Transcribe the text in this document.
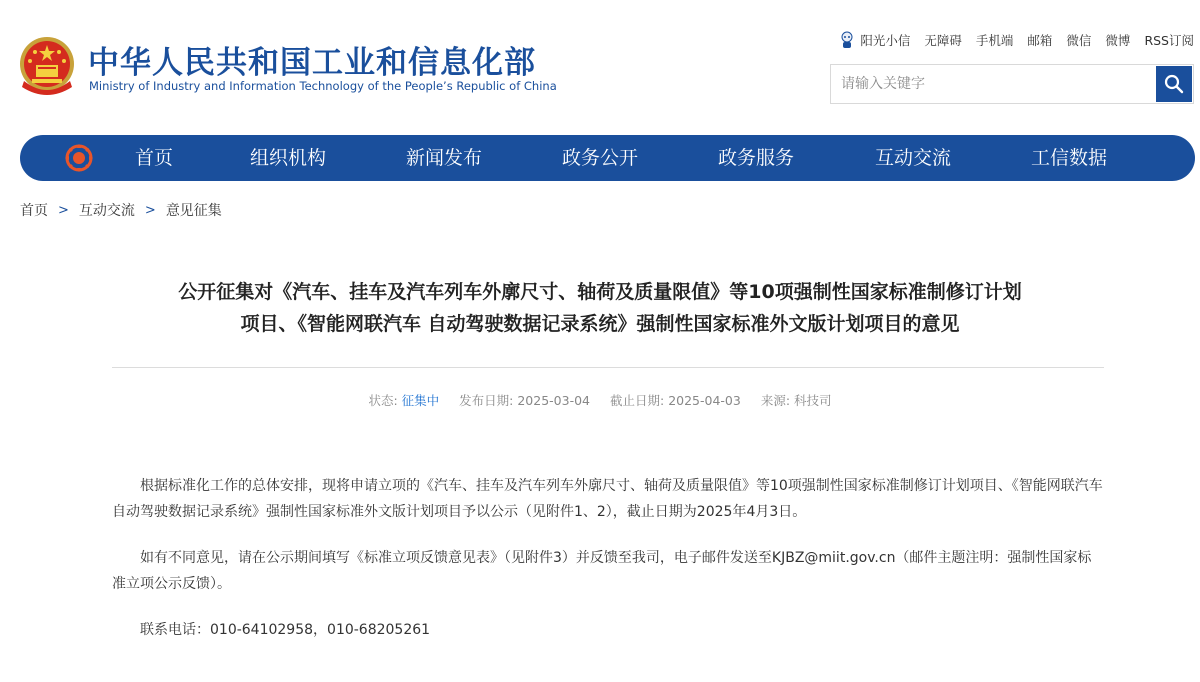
中华人民共和国工业和信息化部
Ministry of Industry and Information Technology of the People’s Republic of China
阳光小信 无障碍 手机端 邮箱 微信 微博 RSS订阅
请输入关键字
首页	组织机构	新闻发布	政务公开	政务服务	互动交流	工信数据
首页 > 互动交流 > 意见征集
公开征集对《汽车、挂车及汽车列车外廓尺寸、轴荷及质量限值》等10项强制性国家标准制修订计划
项目、《智能网联汽车 自动驾驶数据记录系统》强制性国家标准外文版计划项目的意见
状态: 征集中 发布日期: 2025-03-04 截止日期: 2025-04-03 来源: 科技司

根据标准化工作的总体安排，现将申请立项的《汽车、挂车及汽车列车外廓尺寸、轴荷及质量限值》等10项强制性国家标准制修订计划项目、《智能网联汽车 自动驾驶数据记录系统》强制性国家标准外文版计划项目予以公示（见附件1、2），截止日期为2025年4月3日。

如有不同意见，请在公示期间填写《标准立项反馈意见表》（见附件3）并反馈至我司，电子邮件发送至KJBZ@miit.gov.cn（邮件主题注明：强制性国家标准立项公示反馈）。

联系电话：010-64102958，010-68205261
